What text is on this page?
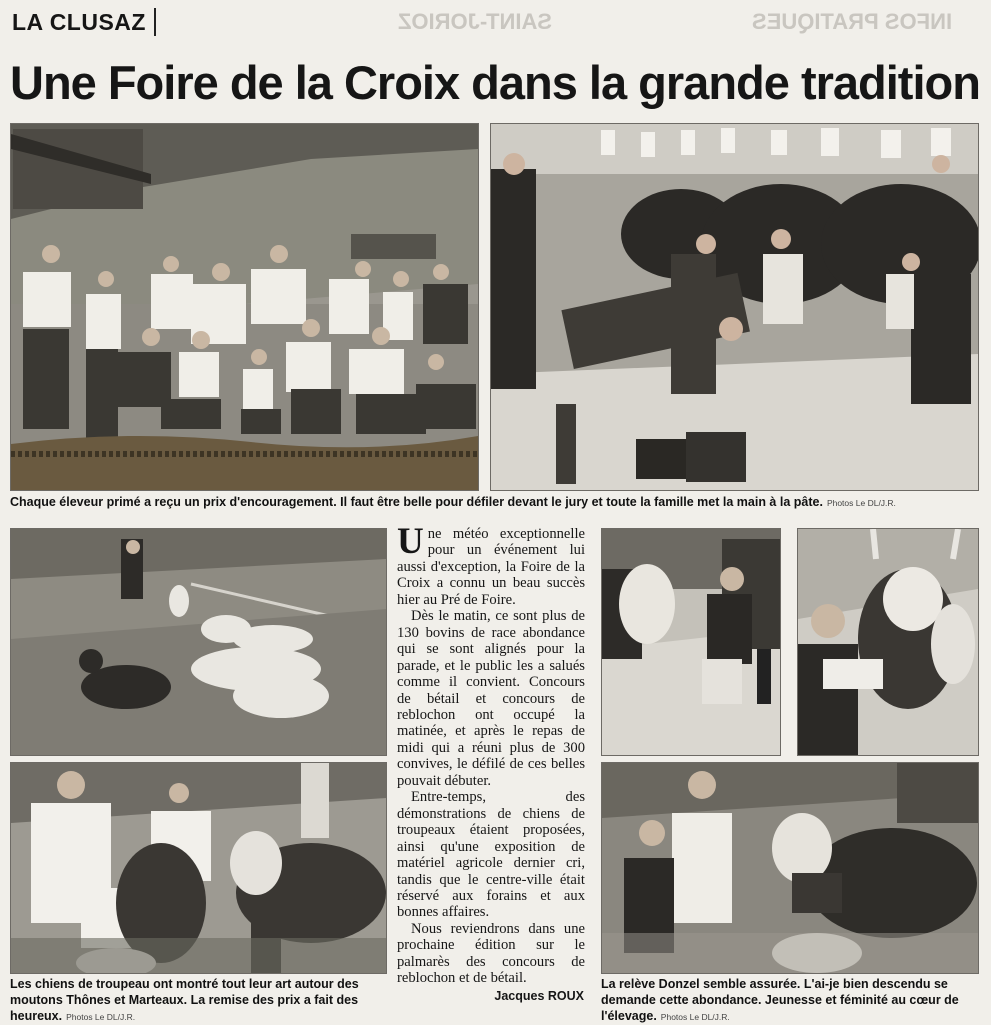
LA CLUSAZ	SAINT-JORIOZ	INFOS PRATIQUES
Une Foire de la Croix dans la grande tradition
Chaque éleveur primé a reçu un prix d'encouragement. Il faut être belle pour défiler devant le jury et toute la famille met la main à la pâte. Photos Le DL/J.R.
Les chiens de troupeau ont montré tout leur art autour des moutons Thônes et Marteaux. La remise des prix a fait des heureux. Photos Le DL/J.R.

Une météo exceptionnelle pour un événement lui aussi d'exception, la Foire de la Croix a connu un beau succès hier au Pré de Foire.

Dès le matin, ce sont plus de 130 bovins de race abondance qui se sont alignés pour la parade, et le public les a salués comme il convient. Concours de bétail et concours de reblochon ont occupé la matinée, et après le repas de midi qui a réuni plus de 300 convives, le défilé de ces belles pouvait débuter.

Entre-temps, des démonstrations de chiens de troupeaux étaient proposées, ainsi qu'une exposition de matériel agricole dernier cri, tandis que le centre-ville était réservé aux forains et aux bonnes affaires.

Nous reviendrons dans une prochaine édition sur le palmarès des concours de reblochon et de bétail.

Jacques ROUX
La relève Donzel semble assurée. L'ai-je bien descendu se demande cette abondance. Jeunesse et féminité au cœur de l'élevage. Photos Le DL/J.R.
